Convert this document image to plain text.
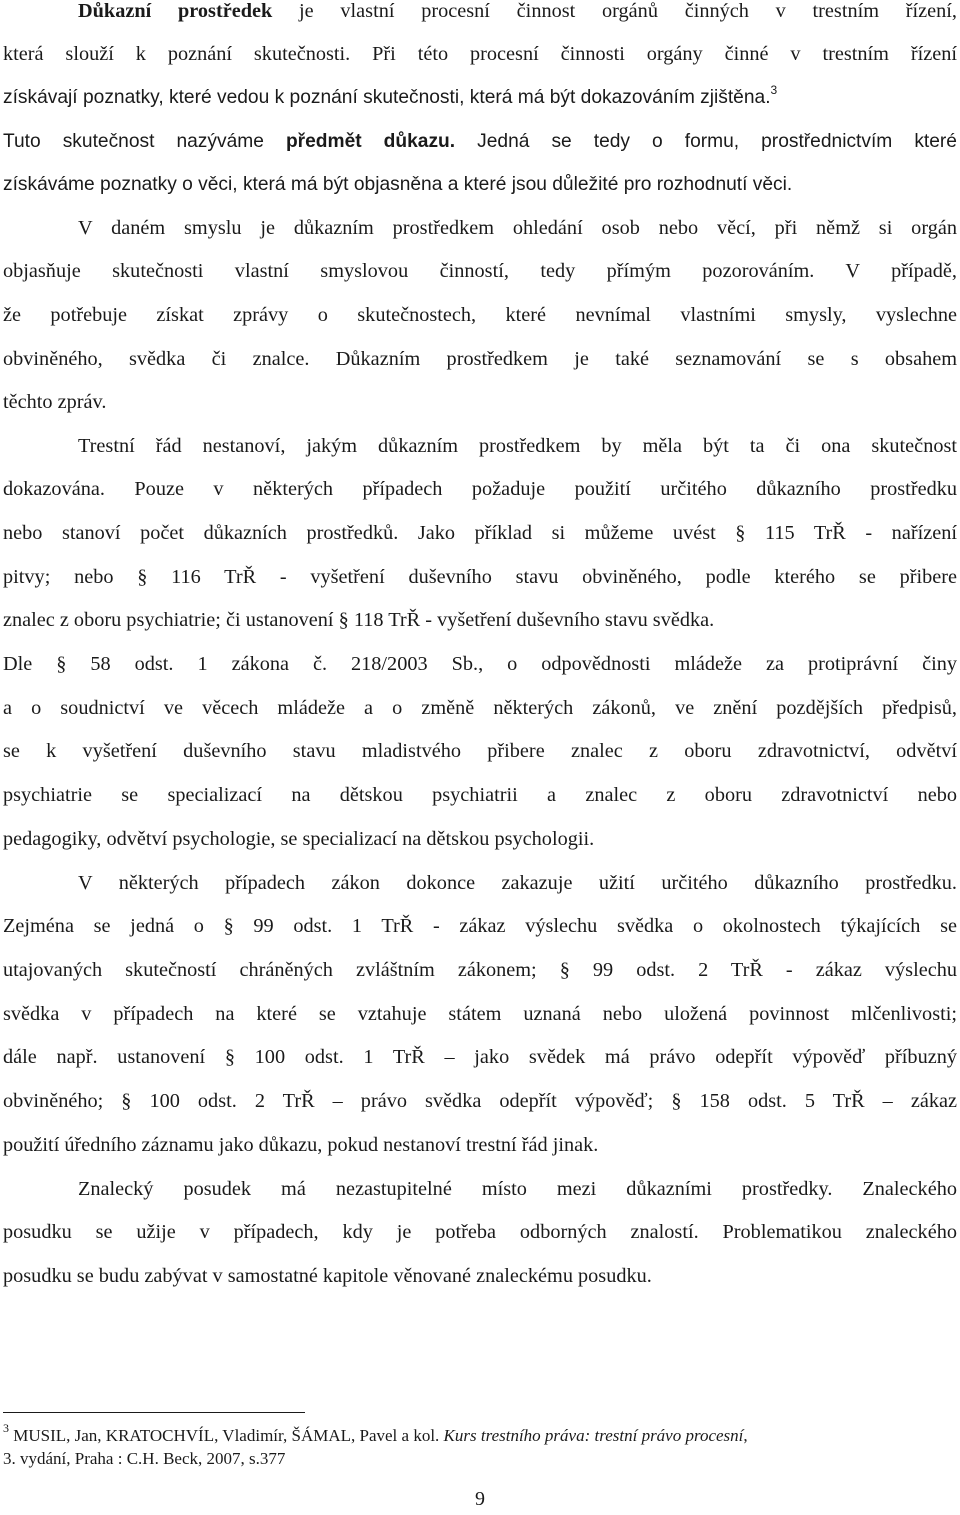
Důkazní prostředek je vlastní procesní činnost orgánů činných v trestním řízení,
která slouží k poznání skutečnosti. Při této procesní činnosti orgány činné v trestním řízení
získávají poznatky, které vedou k poznání skutečnosti, která má být dokazováním zjištěna.$^3$
Tuto skutečnost nazýváme předmět důkazu. Jedná se tedy o formu, prostřednictvím které
získáváme poznatky o věci, která má být objasněna a které jsou důležité pro rozhodnutí věci.
V daném smyslu je důkazním prostředkem ohledání osob nebo věcí, při němž si orgán
objasňuje skutečnosti vlastní smyslovou činností, tedy přímým pozorováním. V případě,
že potřebuje získat zprávy o skutečnostech, které nevnímal vlastními smysly, vyslechne
obviněného, svědka či znalce. Důkazním prostředkem je také seznamování se s obsahem
těchto zpráv.
Trestní řád nestanoví, jakým důkazním prostředkem by měla být ta či ona skutečnost
dokazována. Pouze v některých případech požaduje použití určitého důkazního prostředku
nebo stanoví počet důkazních prostředků. Jako příklad si můžeme uvést § 115 TrŘ - nařízení
pitvy; nebo § 116 TrŘ - vyšetření duševního stavu obviněného, podle kterého se přibere
znalec z oboru psychiatrie; či ustanovení § 118 TrŘ - vyšetření duševního stavu svědka.
Dle § 58 odst. 1 zákona č. 218/2003 Sb., o odpovědnosti mládeže za protiprávní činy
a o soudnictví ve věcech mládeže a o změně některých zákonů, ve znění pozdějších předpisů,
se k vyšetření duševního stavu mladistvého přibere znalec z oboru zdravotnictví, odvětví
psychiatrie se specializací na dětskou psychiatrii a znalec z oboru zdravotnictví nebo
pedagogiky, odvětví psychologie, se specializací na dětskou psychologii.
V některých případech zákon dokonce zakazuje užití určitého důkazního prostředku.
Zejména se jedná o § 99 odst. 1 TrŘ - zákaz výslechu svědka o okolnostech týkajících se
utajovaných skutečností chráněných zvláštním zákonem; § 99 odst. 2 TrŘ - zákaz výslechu
svědka v případech na které se vztahuje státem uznaná nebo uložená povinnost mlčenlivosti;
dále např. ustanovení § 100 odst. 1 TrŘ – jako svědek má právo odepřít výpověď příbuzný
obviněného; § 100 odst. 2 TrŘ – právo svědka odepřít výpověď; § 158 odst. 5 TrŘ – zákaz
použití úředního záznamu jako důkazu, pokud nestanoví trestní řád jinak.
Znalecký posudek má nezastupitelné místo mezi důkazními prostředky. Znaleckého
posudku se užije v případech, kdy je potřeba odborných znalostí. Problematikou znaleckého
posudku se budu zabývat v samostatné kapitole věnované znaleckému posudku.
$^3$ MUSIL, Jan, KRATOCHVÍL, Vladimír, ŠÁMAL, Pavel a kol. Kurs trestního práva: trestní právo procesní,
3. vydání, Praha : C.H. Beck, 2007, s.377
9
